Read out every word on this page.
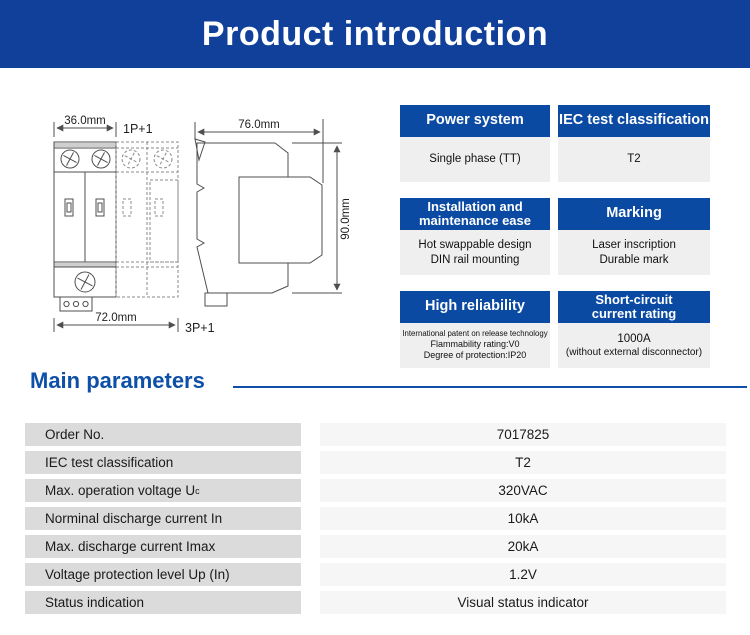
Product introduction
36.0mm
1P+1
72.0mm
3P+1
76.0mm
90.0mm
Power system
Single phase (TT)
IEC test classification
T2
Installation and
maintenance ease
Hot swappable design
DIN rail mounting
Marking
Laser inscription
Durable mark
High reliability
International patent on release technology
Flammability rating:V0
Degree of protection:IP20
Short-circuit
current rating
1000A
(without external disconnector)
Main parameters
Order No.	7017825
IEC test classification	T2
Max. operation voltage U c	320VAC
Norminal discharge current In	10kA
Max. discharge current Imax	20kA
Voltage protection level Up (In)	1.2V
Status indication	Visual status indicator
